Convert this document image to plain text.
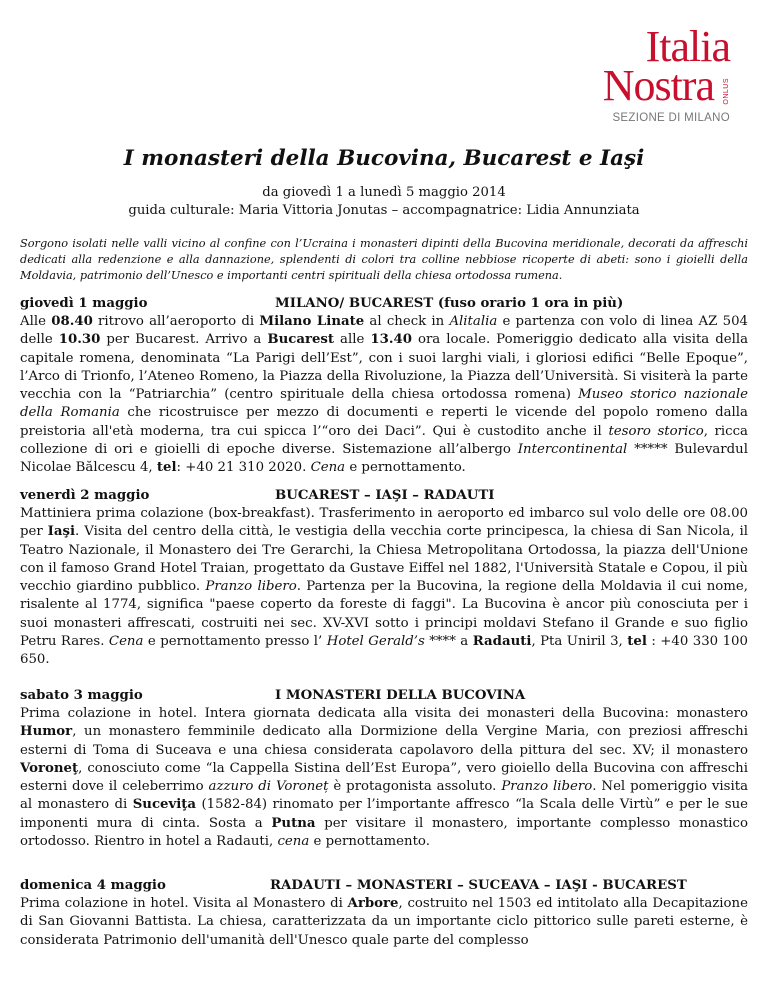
Italia
Nostra ONLUS
SEZIONE DI MILANO
I monasteri della Bucovina, Bucarest e Iaşi
da giovedì 1 a lunedì 5 maggio 2014
guida culturale: Maria Vittoria Jonutas – accompagnatrice: Lidia Annunziata

Sorgono isolati nelle valli vicino al confine con l’Ucraina i monasteri dipinti della Bucovina meridionale, decorati da affreschi dedicati alla redenzione e alla dannazione, splendenti di colori tra colline nebbiose ricoperte di abeti: sono i gioielli della Moldavia, patrimonio dell’Unesco e importanti centri spirituali della chiesa ortodossa rumena.

giovedì 1 maggio	MILANO/ BUCAREST (fuso orario 1 ora in più)

Alle 08.40 ritrovo all’aeroporto di Milano Linate al check in Alitalia e partenza con volo di linea AZ 504 delle 10.30 per Bucarest. Arrivo a Bucarest alle 13.40 ora locale. Pomeriggio dedicato alla visita della capitale romena, denominata “La Parigi dell’Est”, con i suoi larghi viali, i gloriosi edifici “Belle Epoque”, l’Arco di Trionfo, l’Ateneo Romeno, la Piazza della Rivoluzione, la Piazza dell’Università. Si visiterà la parte vecchia con la “Patriarchia” (centro spirituale della chiesa ortodossa romena) Museo storico nazionale della Romania che ricostruisce per mezzo di documenti e reperti le vicende del popolo romeno dalla preistoria all'età moderna, tra cui spicca l’“oro dei Daci”. Qui è custodito anche il tesoro storico, ricca collezione di ori e gioielli di epoche diverse. Sistemazione all’albergo Intercontinental ***** Bulevardul Nicolae Bălcescu 4, tel: +40 21 310 2020. Cena e pernottamento.

venerdì 2 maggio	BUCAREST – IAŞI – RADAUTI

Mattiniera prima colazione (box-breakfast). Trasferimento in aeroporto ed imbarco sul volo delle ore 08.00 per Iaşi. Visita del centro della città, le vestigia della vecchia corte principesca, la chiesa di San Nicola, il Teatro Nazionale, il Monastero dei Tre Gerarchi, la Chiesa Metropolitana Ortodossa, la piazza dell'Unione con il famoso Grand Hotel Traian, progettato da Gustave Eiffel nel 1882, l'Università Statale e Copou, il più vecchio giardino pubblico. Pranzo libero. Partenza per la Bucovina, la regione della Moldavia il cui nome, risalente al 1774, significa "paese coperto da foreste di faggi". La Bucovina è ancor più conosciuta per i suoi monasteri affrescati, costruiti nei sec. XV-XVI sotto i principi moldavi Stefano il Grande e suo figlio Petru Rares. Cena e pernottamento presso l’ Hotel Gerald’s **** a Radauti, Pta Uniril 3, tel : +40 330 100 650.

sabato 3 maggio	I MONASTERI DELLA BUCOVINA

Prima colazione in hotel. Intera giornata dedicata alla visita dei monasteri della Bucovina: monastero Humor, un monastero femminile dedicato alla Dormizione della Vergine Maria, con preziosi affreschi esterni di Toma di Suceava e una chiesa considerata capolavoro della pittura del sec. XV; il monastero Voroneţ, conosciuto come “la Cappella Sistina dell’Est Europa”, vero gioiello della Bucovina con affreschi esterni dove il celeberrimo azzuro di Voroneț è protagonista assoluto. Pranzo libero. Nel pomeriggio visita al monastero di Suceviţa (1582-84) rinomato per l’importante affresco “la Scala delle Virtù” e per le sue imponenti mura di cinta. Sosta a Putna per visitare il monastero, importante complesso monastico ortodosso. Rientro in hotel a Radauti, cena e pernottamento.

domenica 4 maggio	RADAUTI – MONASTERI – SUCEAVA – IAŞI - BUCAREST

Prima colazione in hotel. Visita al Monastero di Arbore, costruito nel 1503 ed intitolato alla Decapitazione di San Giovanni Battista. La chiesa, caratterizzata da un importante ciclo pittorico sulle pareti esterne, è considerata Patrimonio dell'umanità dell'Unesco quale parte del complesso
